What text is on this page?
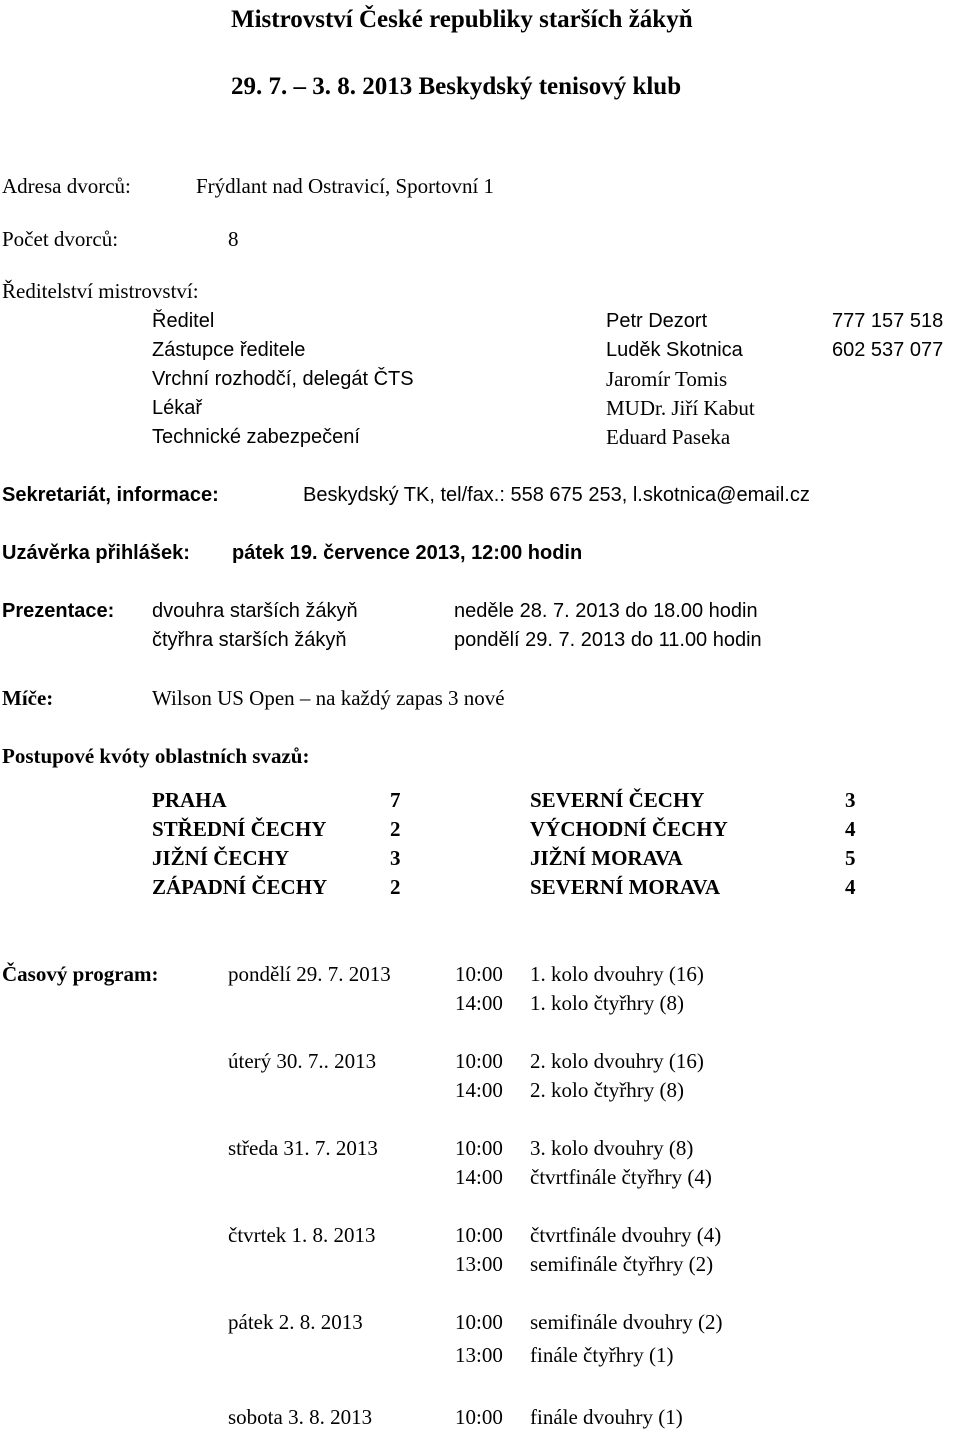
Mistrovství České republiky starších žákyň
29. 7. – 3. 8. 2013 Beskydský tenisový klub
Adresa dvorců:	Frýdlant nad Ostravicí, Sportovní 1
Počet dvorců:	8
Ředitelství mistrovství:
Ředitel	Petr Dezort	777 157 518
Zástupce ředitele	Luděk Skotnica	602 537 077
Vrchní rozhodčí, delegát ČTS	Jaromír Tomis
Lékař	MUDr. Jiří Kabut
Technické zabezpečení	Eduard Paseka
Sekretariát, informace:	Beskydský TK, tel/fax.: 558 675 253, l.skotnica@email.cz
Uzávěrka přihlášek: pátek 19. července 2013, 12:00 hodin
Prezentace: dvouhra starších žákyň	neděle 28. 7. 2013 do 18.00 hodin
čtyřhra starších žákyň	pondělí 29. 7. 2013 do 11.00 hodin
Míče:	Wilson US Open – na každý zapas 3 nové
Postupové kvóty oblastních svazů:
PRAHA	7	SEVERNÍ ČECHY	3
STŘEDNÍ ČECHY	2	VÝCHODNÍ ČECHY	4
JIŽNÍ ČECHY	3	JIŽNÍ MORAVA	5
ZÁPADNÍ ČECHY	2	SEVERNÍ MORAVA	4
Časový program:	pondělí 29. 7. 2013	10:00 1. kolo dvouhry (16)
14:00 1. kolo čtyřhry (8)
úterý 30. 7.. 2013	10:00 2. kolo dvouhry (16)
14:00 2. kolo čtyřhry (8)
středa 31. 7. 2013	10:00 3. kolo dvouhry (8)
14:00 čtvrtfinále čtyřhry (4)
čtvrtek 1. 8. 2013	10:00 čtvrtfinále dvouhry (4)
13:00 semifinále čtyřhry (2)
pátek 2. 8. 2013	10:00 semifinále dvouhry (2)
13:00 finále čtyřhry (1)
sobota 3. 8. 2013	10:00 finále dvouhry (1)
